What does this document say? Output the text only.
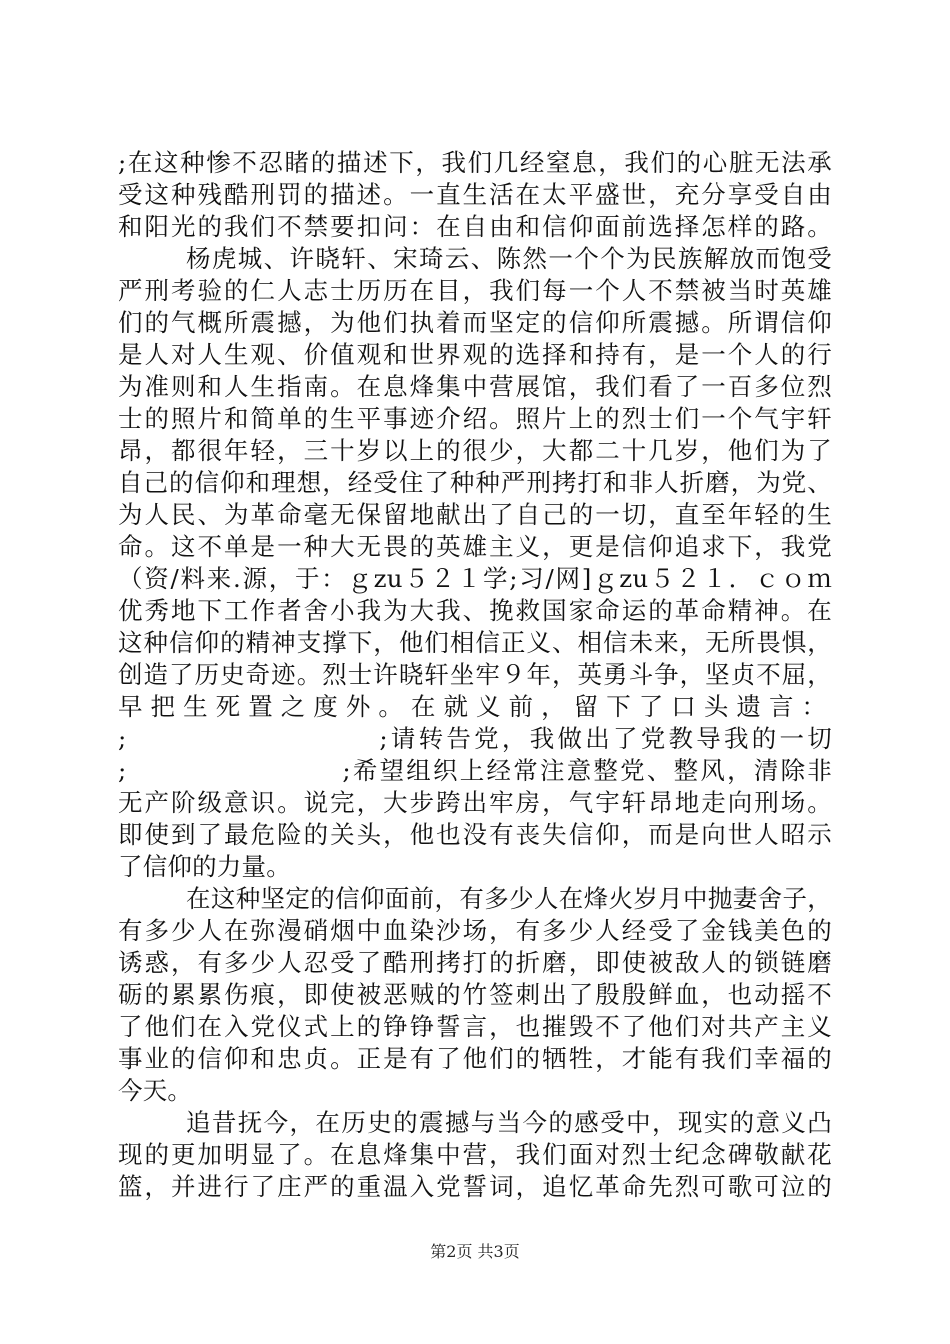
;在这种惨不忍睹的描述下，我们几经窒息，我们的心脏无法承
受这种残酷刑罚的描述。一直生活在太平盛世，充分享受自由
和阳光的我们不禁要扣问：在自由和信仰面前选择怎样的路。
杨虎城、许晓轩、宋琦云、陈然一个个为民族解放而饱受
严刑考验的仁人志士历历在目，我们每一个人不禁被当时英雄
们的气概所震撼，为他们执着而坚定的信仰所震撼。所谓信仰
是人对人生观、价值观和世界观的选择和持有，是一个人的行
为准则和人生指南。在息烽集中营展馆，我们看了一百多位烈
士的照片和简单的生平事迹介绍。照片上的烈士们一个气宇轩
昂，都很年轻，三十岁以上的很少，大都二十几岁，他们为了
自己的信仰和理想，经受住了种种严刑拷打和非人折磨，为党、
为人民、为革命毫无保留地献出了自己的一切，直至年轻的生
命。这不单是一种大无畏的英雄主义，更是信仰追求下，我党
（资/料来.源，于：ｇzu５２１学;习/网]ｇzu５２１．ｃｏｍ
优秀地下工作者舍小我为大我、挽救国家命运的革命精神。在
这种信仰的精神支撑下，他们相信正义、相信未来，无所畏惧，
创造了历史奇迹。烈士许晓轩坐牢９年，英勇斗争，坚贞不屈，
早把生死置之度外。在就义前，留下了口头遗言：
;　　　　　　　　　;请转告党，我做出了党教导我的一切
;　　　　　　　　;希望组织上经常注意整党、整风，清除非
无产阶级意识。说完，大步跨出牢房，气宇轩昂地走向刑场。
即使到了最危险的关头，他也没有丧失信仰，而是向世人昭示
了信仰的力量。
在这种坚定的信仰面前，有多少人在烽火岁月中抛妻舍子，
有多少人在弥漫硝烟中血染沙场，有多少人经受了金钱美色的
诱惑，有多少人忍受了酷刑拷打的折磨，即使被敌人的锁链磨
砺的累累伤痕，即使被恶贼的竹签刺出了殷殷鲜血，也动摇不
了他们在入党仪式上的铮铮誓言，也摧毁不了他们对共产主义
事业的信仰和忠贞。正是有了他们的牺牲，才能有我们幸福的
今天。
追昔抚今，在历史的震撼与当今的感受中，现实的意义凸
现的更加明显了。在息烽集中营，我们面对烈士纪念碑敬献花
篮，并进行了庄严的重温入党誓词，追忆革命先烈可歌可泣的
第2页 共3页
